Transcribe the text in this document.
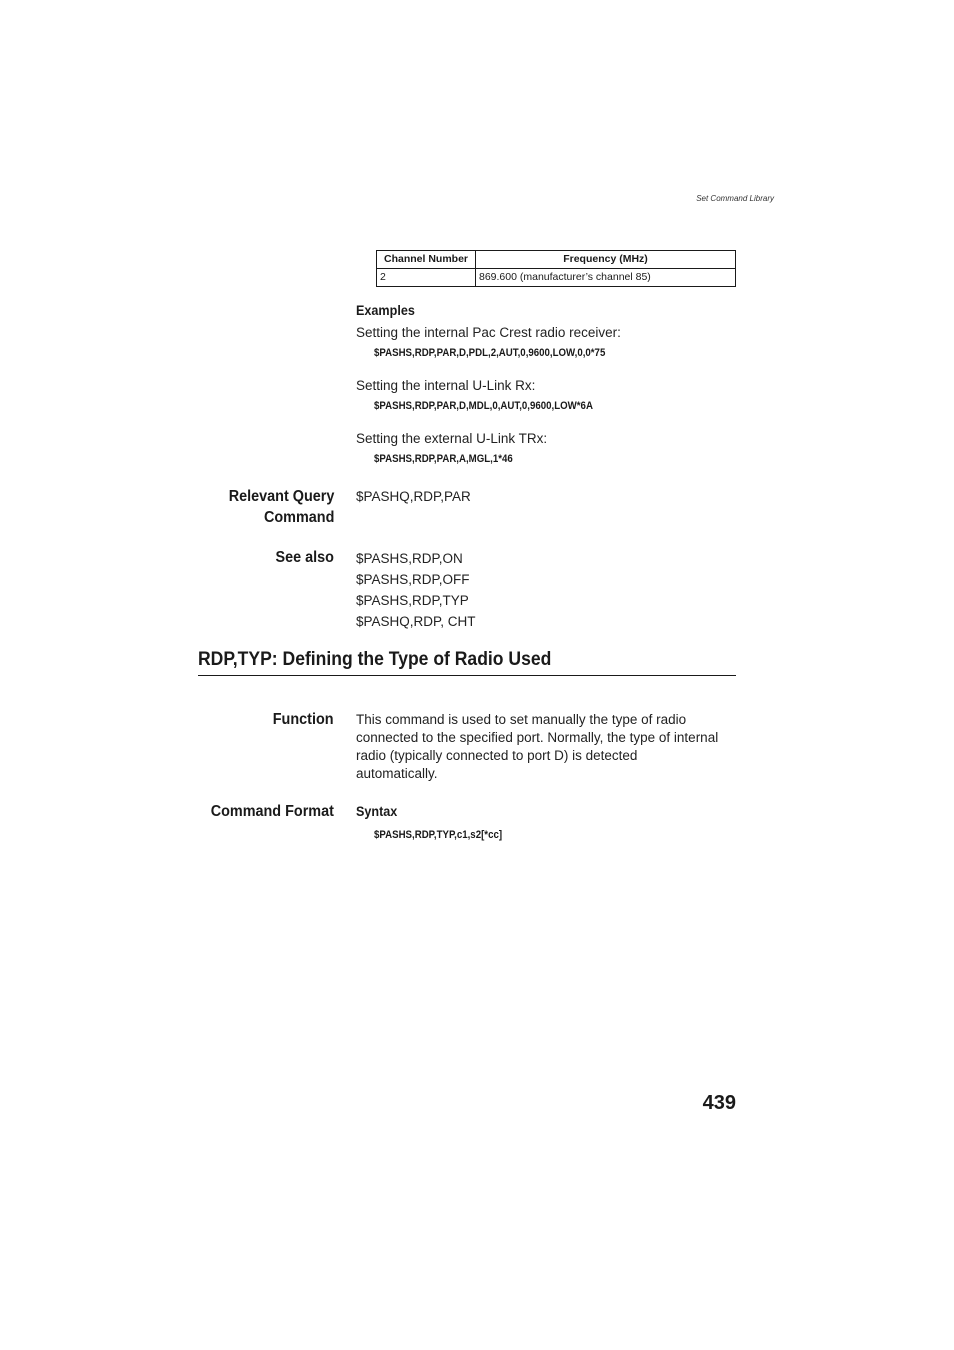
Set Command Library
Channel Number	Frequency (MHz)
2	869.600 (manufacturer’s channel 85)
Examples
Setting the internal Pac Crest radio receiver:
$PASHS,RDP,PAR,D,PDL,2,AUT,0,9600,LOW,0,0*75
Setting the internal U-Link Rx:
$PASHS,RDP,PAR,D,MDL,0,AUT,0,9600,LOW*6A
Setting the external U-Link TRx:
$PASHS,RDP,PAR,A,MGL,1*46
Relevant Query
Command
$PASHQ,RDP,PAR
See also $PASHS,RDP,ON
$PASHS,RDP,OFF
$PASHS,RDP,TYP
$PASHQ,RDP, CHT
RDP,TYP: Defining the Type of Radio Used
Function This command is used to set manually the type of radio
connected to the specified port. Normally, the type of internal
radio (typically connected to port D) is detected
automatically.
Command Format Syntax
$PASHS,RDP,TYP,c1,s2[*cc]
439
